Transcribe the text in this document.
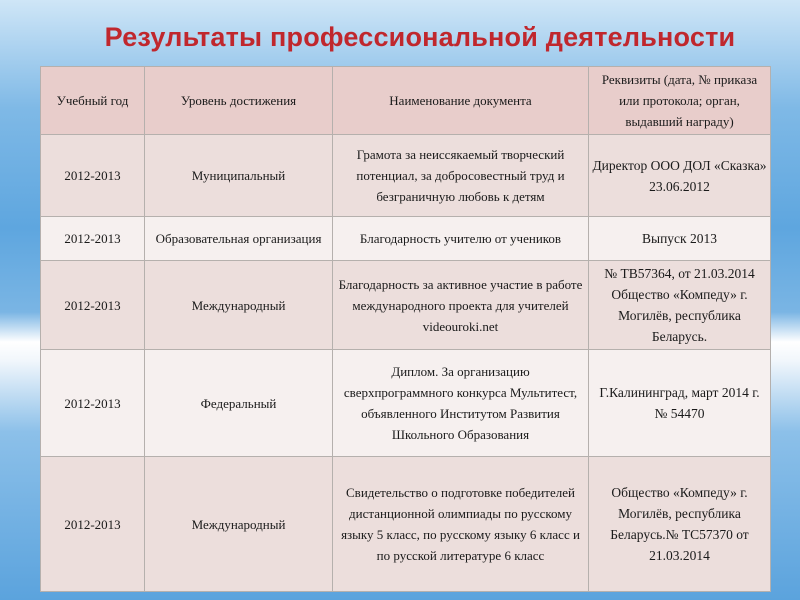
Результаты профессиональной деятельности
Учебный год	Уровень достижения	Наименование документа	Реквизиты (дата, № приказа или протокола; орган, выдавший награду)
2012-2013	Муниципальный	Грамота за неиссякаемый творческий потенциал, за добросовестный труд и безграничную любовь к детям	Директор ООО ДОЛ «Сказка» 23.06.2012
2012-2013	Образовательная организация	Благодарность учителю от учеников	Выпуск 2013
2012-2013	Международный	Благодарность за активное участие в работе международного проекта для учителей videouroki.net	№ ТВ57364, от 21.03.2014 Общество «Компеду» г. Могилёв, республика Беларусь.
2012-2013	Федеральный	Диплом. За организацию сверхпрограммного конкурса Мультитест, объявленного Институтом Развития Школьного Образования	Г.Калининград, март 2014 г. № 54470
2012-2013	Международный	Свидетельство о подготовке победителей дистанционной олимпиады по русскому языку 5 класс, по русскому языку 6 класс и по русской литературе 6 класс	Общество «Компеду» г. Могилёв, республика Беларусь.№ ТС57370 от 21.03.2014
